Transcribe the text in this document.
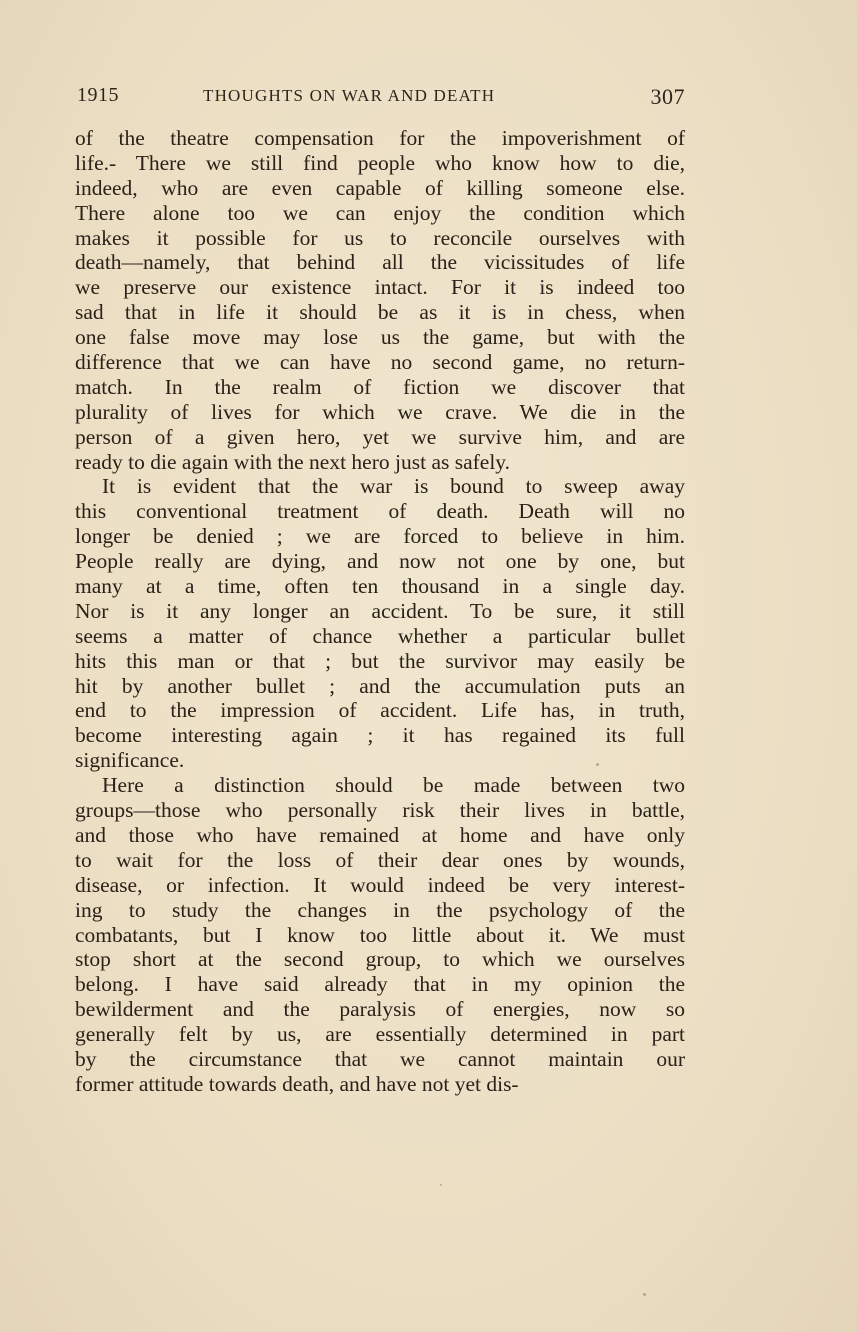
1915	THOUGHTS ON WAR AND DEATH	307
of the theatre compensation for the impoverishment of
life.- There we still find people who know how to die,
indeed, who are even capable of killing someone else.
There alone too we can enjoy the condition which
makes it possible for us to reconcile ourselves with
death—namely, that behind all the vicissitudes of life
we preserve our existence intact. For it is indeed too
sad that in life it should be as it is in chess, when
one false move may lose us the game, but with the
difference that we can have no second game, no return-
match. In the realm of fiction we discover that
plurality of lives for which we crave. We die in the
person of a given hero, yet we survive him, and are
ready to die again with the next hero just as safely.
It is evident that the war is bound to sweep away
this conventional treatment of death. Death will no
longer be denied ; we are forced to believe in him.
People really are dying, and now not one by one, but
many at a time, often ten thousand in a single day.
Nor is it any longer an accident. To be sure, it still
seems a matter of chance whether a particular bullet
hits this man or that ; but the survivor may easily be
hit by another bullet ; and the accumulation puts an
end to the impression of accident. Life has, in truth,
become interesting again ; it has regained its full
significance.
Here a distinction should be made between two
groups—those who personally risk their lives in battle,
and those who have remained at home and have only
to wait for the loss of their dear ones by wounds,
disease, or infection. It would indeed be very interest-
ing to study the changes in the psychology of the
combatants, but I know too little about it. We must
stop short at the second group, to which we ourselves
belong. I have said already that in my opinion the
bewilderment and the paralysis of energies, now so
generally felt by us, are essentially determined in part
by the circumstance that we cannot maintain our
former attitude towards death, and have not yet dis-
